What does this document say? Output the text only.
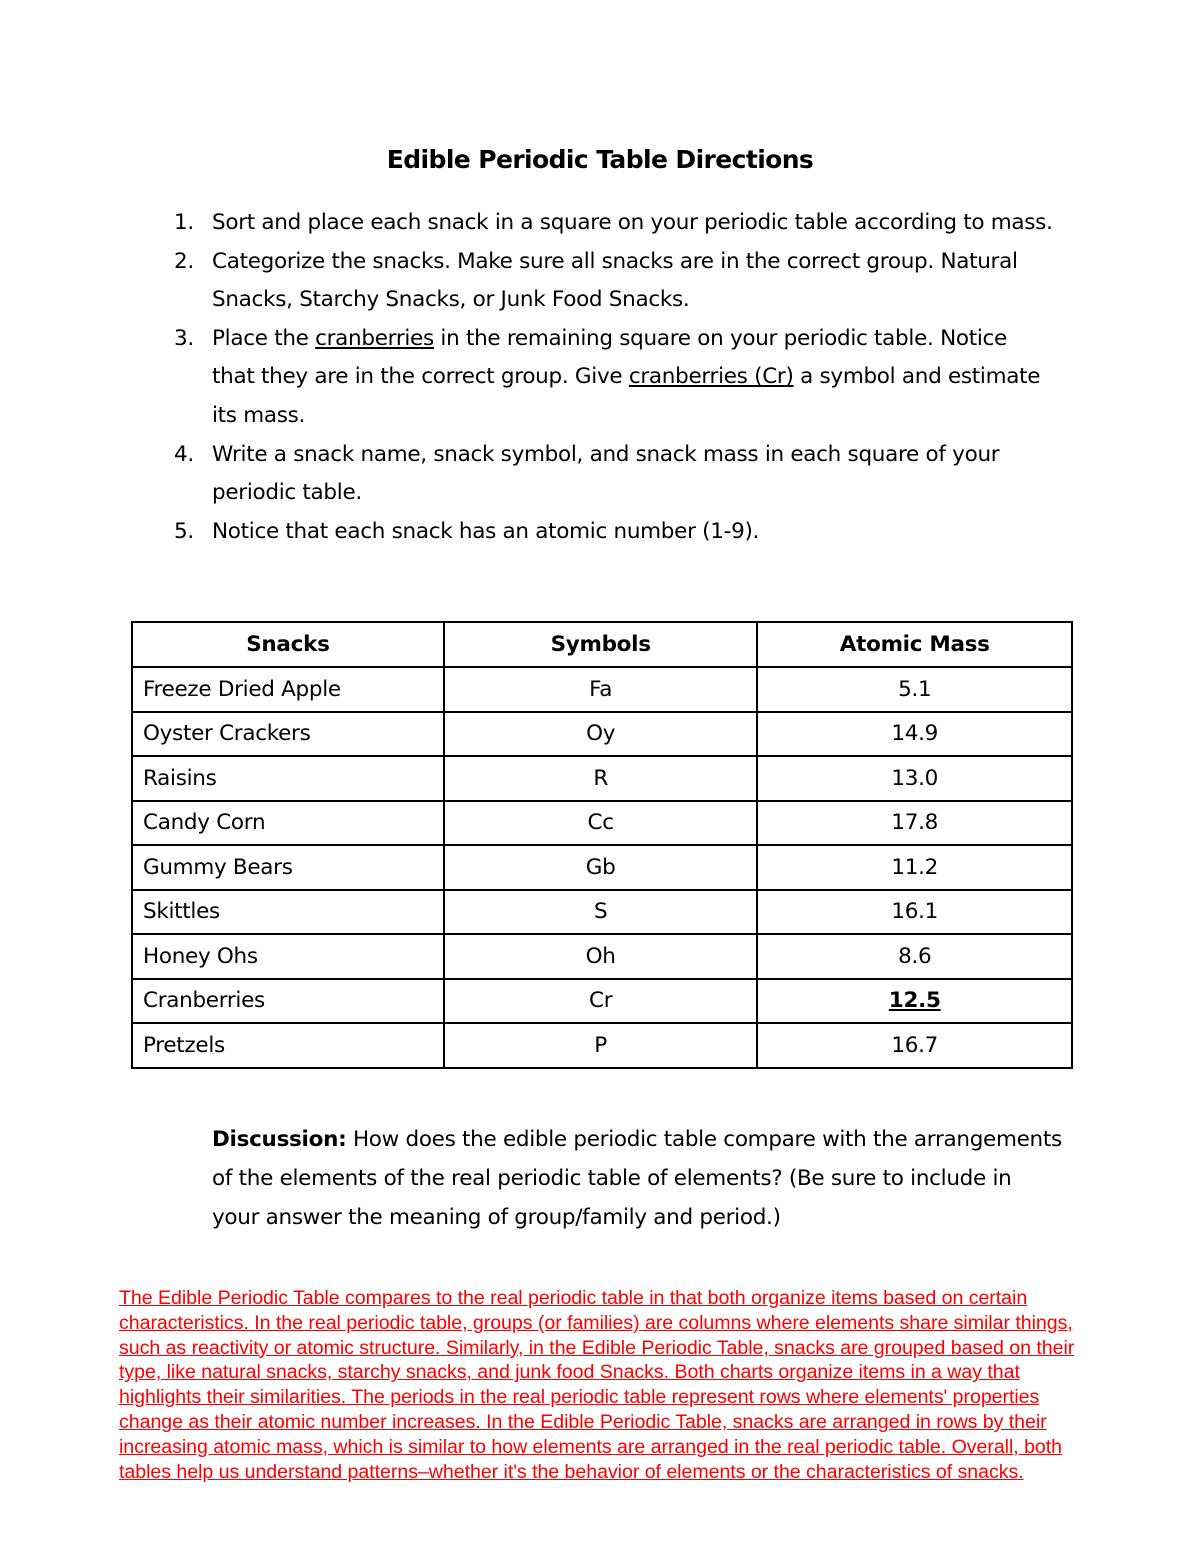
Edible Periodic Table Directions
1. Sort and place each snack in a square on your periodic table according to mass.
2. Categorize the snacks. Make sure all snacks are in the correct group. Natural Snacks, Starchy Snacks, or Junk Food Snacks.
3. Place the cranberries in the remaining square on your periodic table. Notice that they are in the correct group. Give cranberries (Cr) a symbol and estimate its mass.
4. Write a snack name, snack symbol, and snack mass in each square of your periodic table.
5. Notice that each snack has an atomic number (1-9).
Snacks	Symbols	Atomic Mass
Freeze Dried Apple	Fa	5.1
Oyster Crackers	Oy	14.9
Raisins	R	13.0
Candy Corn	Cc	17.8
Gummy Bears	Gb	11.2
Skittles	S	16.1
Honey Ohs	Oh	8.6
Cranberries	Cr	12.5
Pretzels	P	16.7

Discussion: How does the edible periodic table compare with the arrangements of the elements of the real periodic table of elements? (Be sure to include in your answer the meaning of group/family and period.)

The Edible Periodic Table compares to the real periodic table in that both organize items based on certain characteristics. In the real periodic table, groups (or families) are columns where elements share similar things, such as reactivity or atomic structure. Similarly, in the Edible Periodic Table, snacks are grouped based on their type, like natural snacks, starchy snacks, and junk food Snacks. Both charts organize items in a way that highlights their similarities. The periods in the real periodic table represent rows where elements' properties change as their atomic number increases. In the Edible Periodic Table, snacks are arranged in rows by their increasing atomic mass, which is similar to how elements are arranged in the real periodic table. Overall, both tables help us understand patterns–whether it's the behavior of elements or the characteristics of snacks.
